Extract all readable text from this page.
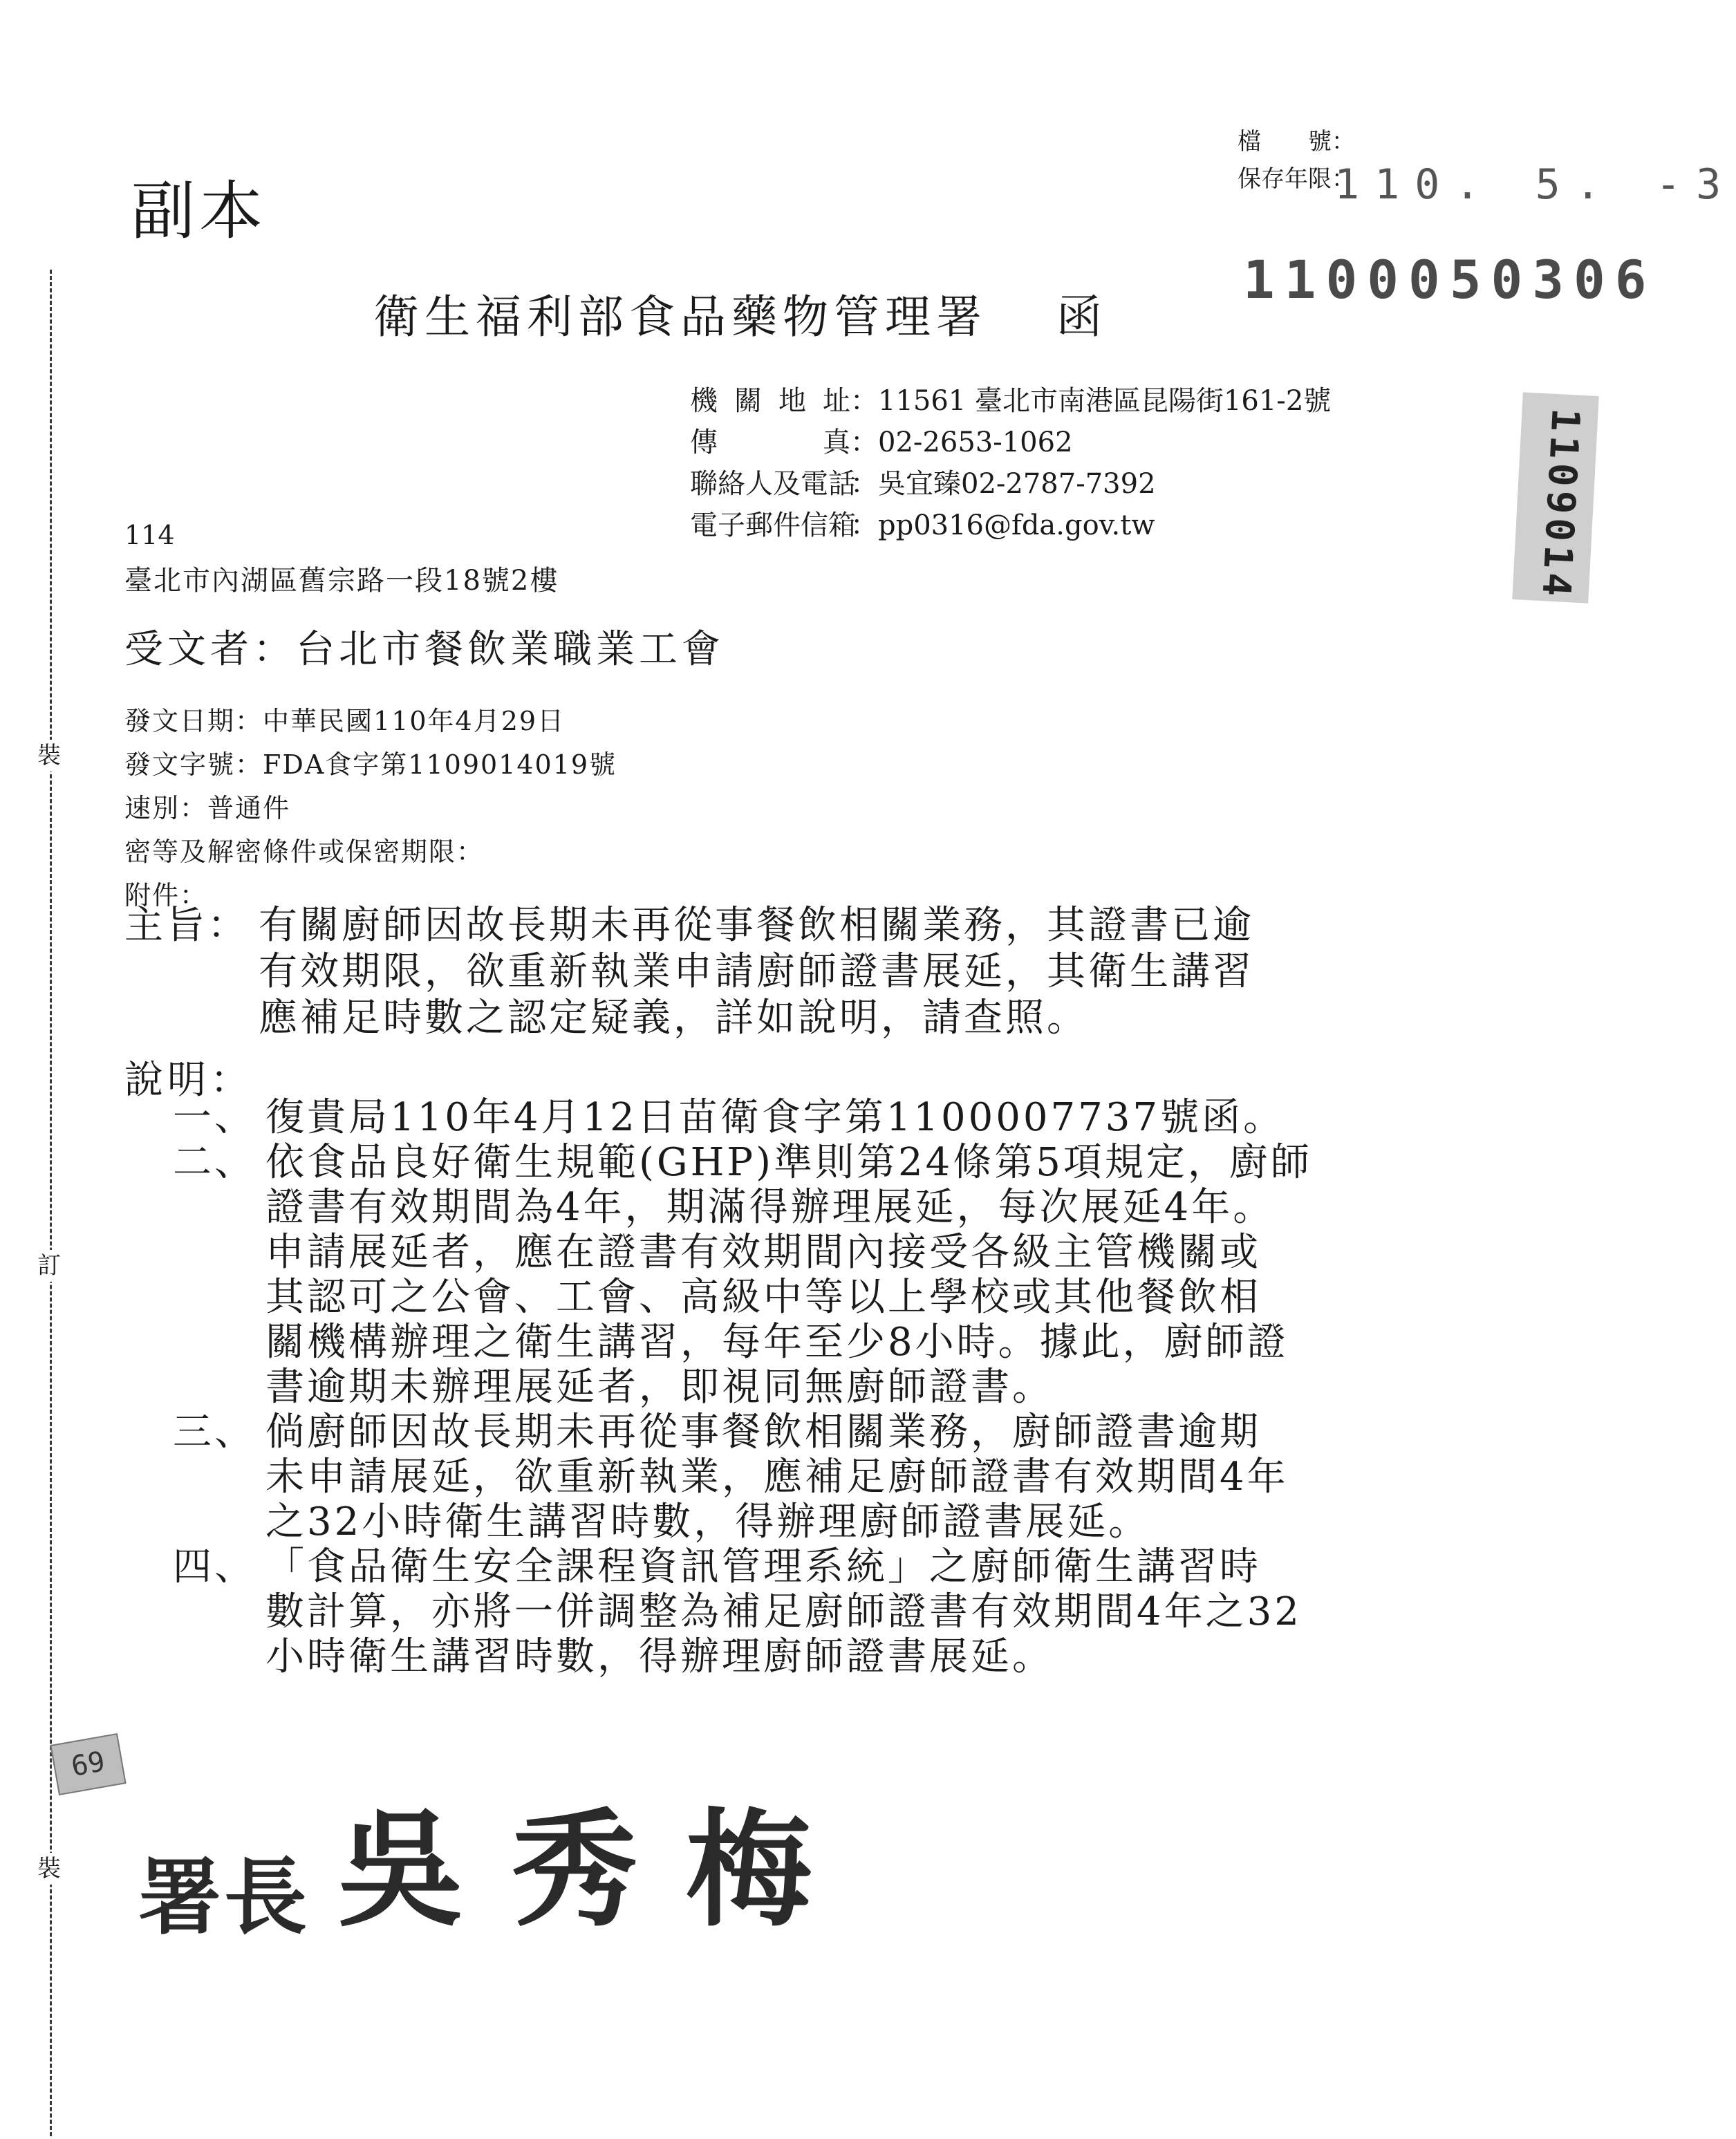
裝
訂
裝
副本
檔　　號：
保存年限：
110. 5. -3
1100050306
1109014
衛生福利部食品藥物管理署 函
機關地址：11561 臺北市南港區昆陽街161-2號
傳真：02-2653-1062
聯絡人及電話：吳宜臻02-2787-7392
電子郵件信箱：pp0316@fda.gov.tw
114
臺北市內湖區舊宗路一段18號2樓
受文者：台北市餐飲業職業工會
發文日期：中華民國110年4月29日
發文字號：FDA食字第1109014019號
速別：普通件
密等及解密條件或保密期限：
附件：
主旨： 有關廚師因故長期未再從事餐飲相關業務，其證書已逾
有效期限，欲重新執業申請廚師證書展延，其衛生講習
應補足時數之認定疑義，詳如說明，請查照。
說明：
一、 復貴局110年4月12日苗衛食字第1100007737號函。
二、 依食品良好衛生規範(GHP)準則第24條第5項規定，廚師
證書有效期間為4年，期滿得辦理展延，每次展延4年。
申請展延者，應在證書有效期間內接受各級主管機關或
其認可之公會、工會、高級中等以上學校或其他餐飲相
關機構辦理之衛生講習，每年至少8小時。據此，廚師證
書逾期未辦理展延者，即視同無廚師證書。
三、 倘廚師因故長期未再從事餐飲相關業務，廚師證書逾期
未申請展延，欲重新執業，應補足廚師證書有效期間4年
之32小時衛生講習時數，得辦理廚師證書展延。
四、 「食品衛生安全課程資訊管理系統」之廚師衛生講習時
數計算，亦將一併調整為補足廚師證書有效期間4年之32
小時衛生講習時數，得辦理廚師證書展延。
69
署長 吳秀梅
